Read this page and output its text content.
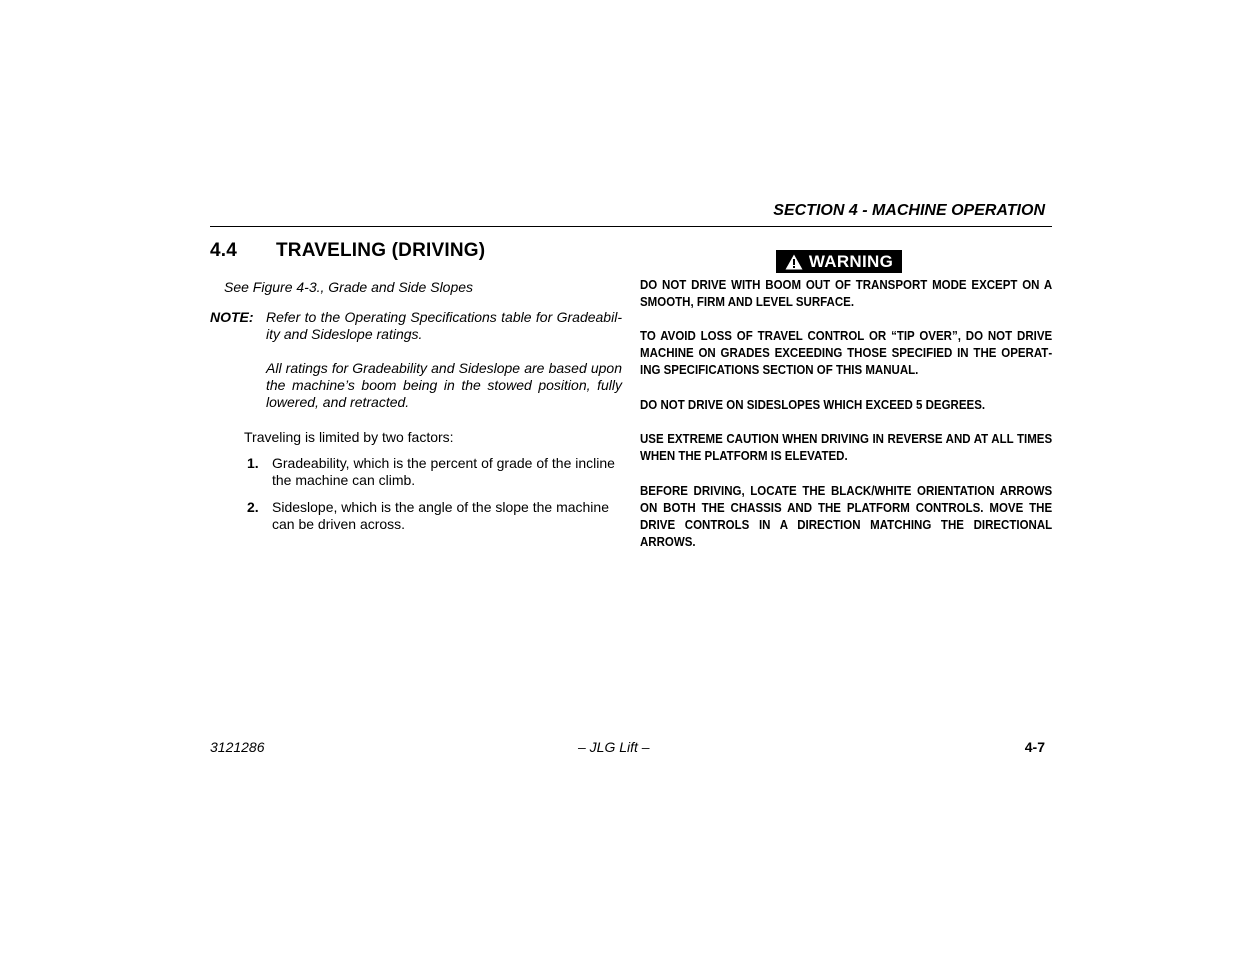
SECTION 4 - MACHINE OPERATION
4.4 TRAVELING (DRIVING)
See Figure 4-3., Grade and Side Slopes
NOTE: Refer to the Operating Specifications table for Gradeability and Sideslope ratings.
All ratings for Gradeability and Sideslope are based upon the machine’s boom being in the stowed position, fully lowered, and retracted.
Traveling is limited by two factors:
1. Gradeability, which is the percent of grade of the incline the machine can climb.
2. Sideslope, which is the angle of the slope the machine can be driven across.
WARNING
DO NOT DRIVE WITH BOOM OUT OF TRANSPORT MODE EXCEPT ON A SMOOTH, FIRM AND LEVEL SURFACE.
TO AVOID LOSS OF TRAVEL CONTROL OR “TIP OVER”, DO NOT DRIVE MACHINE ON GRADES EXCEEDING THOSE SPECIFIED IN THE OPERATING SPECIFICATIONS SECTION OF THIS MANUAL.
DO NOT DRIVE ON SIDESLOPES WHICH EXCEED 5 DEGREES.
USE EXTREME CAUTION WHEN DRIVING IN REVERSE AND AT ALL TIMES WHEN THE PLATFORM IS ELEVATED.
BEFORE DRIVING, LOCATE THE BLACK/WHITE ORIENTATION ARROWS ON BOTH THE CHASSIS AND THE PLATFORM CONTROLS. MOVE THE DRIVE CONTROLS IN A DIRECTION MATCHING THE DIRECTIONAL ARROWS.
3121286	– JLG Lift –	4-7
